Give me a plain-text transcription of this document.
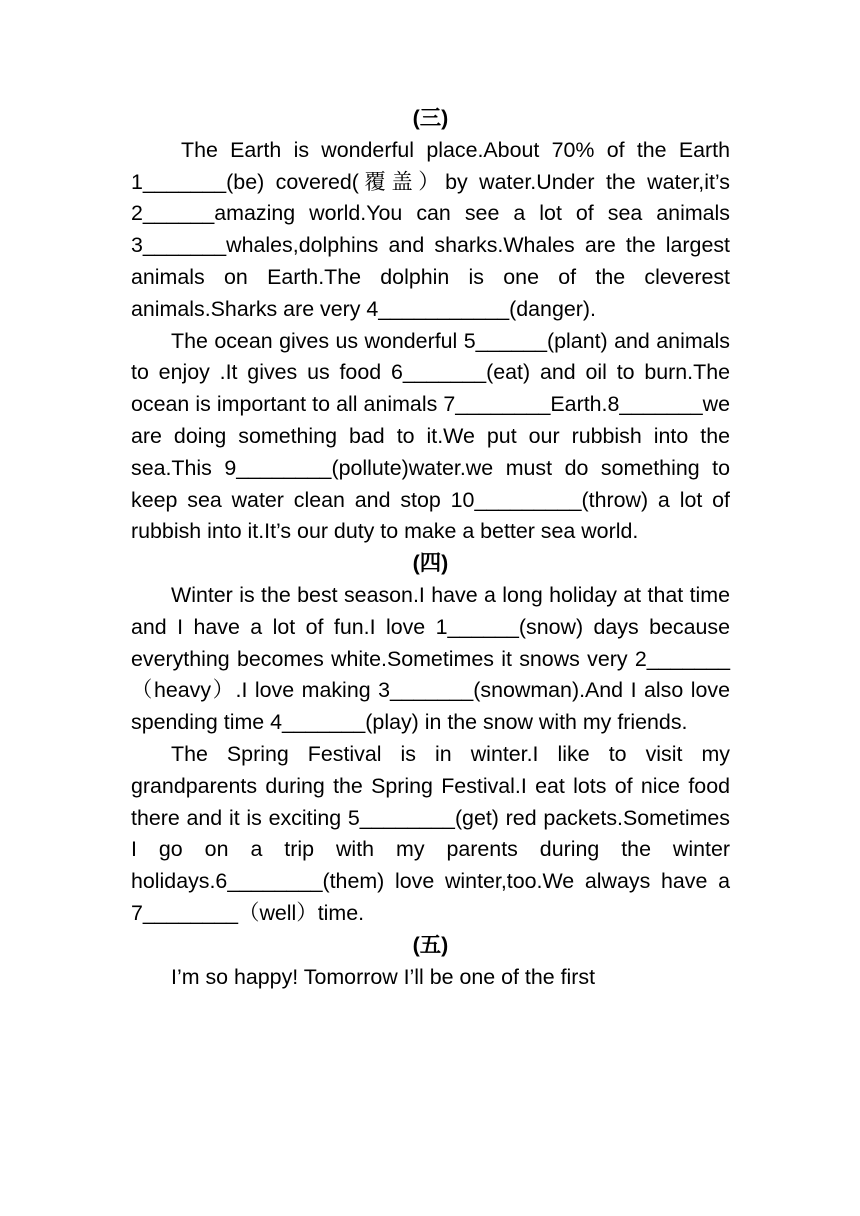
(三)

The Earth is wonderful place.About 70% of the Earth 1_______(be) covered(覆盖）by water.Under the water,it’s 2______amazing world.You can see a lot of sea animals 3_______whales,dolphins and sharks.Whales are the largest animals on Earth.The dolphin is one of the cleverest animals.Sharks are very 4___________(danger).

The ocean gives us wonderful 5______(plant) and animals to enjoy .It gives us food 6_______(eat) and oil to burn.The ocean is important to all animals 7________Earth.8_______we are doing something bad to it.We put our rubbish into the sea.This 9________(pollute)water.we must do something to keep sea water clean and stop 10_________(throw) a lot of rubbish into it.It’s our duty to make a better sea world.

(四)

Winter is the best season.I have a long holiday at that time and I have a lot of fun.I love 1______(snow) days because everything becomes white.Sometimes it snows very 2_______（heavy）.I love making 3_______(snowman).And I also love spending time 4_______(play) in the snow with my friends.

The Spring Festival is in winter.I like to visit my grandparents during the Spring Festival.I eat lots of nice food there and it is exciting 5________(get) red packets.Sometimes I go on a trip with my parents during the winter holidays.6________(them) love winter,too.We always have a 7________（well）time.

(五)

I’m so happy! Tomorrow I’ll be one of the first
